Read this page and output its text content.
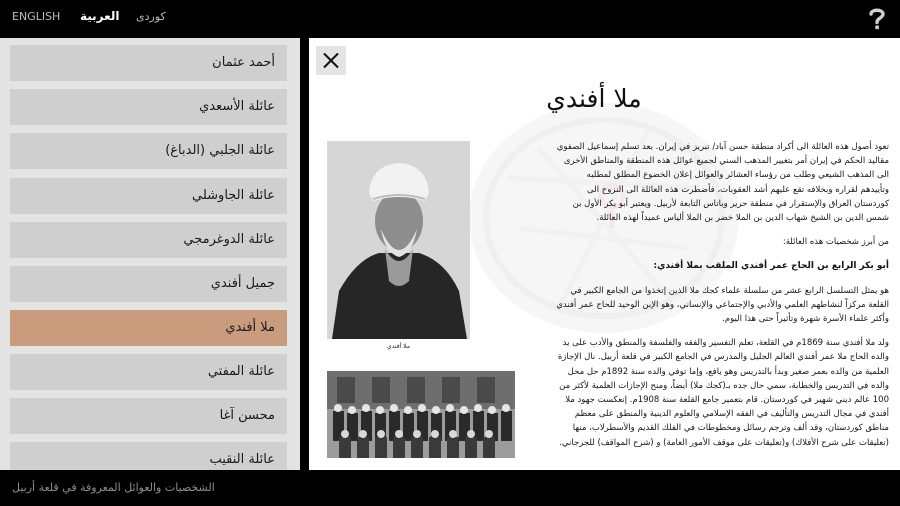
ENGLISH العربية كوردى
أحمد عثمان
عائلة الأسعدي
عائلة الجلبي (الدباغ)
عائلة الجاوشلي
عائلة الدوغرمجي
جميل أفندي
ملا أفندي
عائلة المفتي
محسن آغا
عائلة النقيب
ملا أفندي
ملا أفندي

تعود أصول هذه العائلة الى أكراد منطقة حسن آباد/ تبريز في إيران. بعد تسلم إسماعيل الصفوي مقاليد الحكم في إيران أمر بتغيير المذهب السني لجميع عوائل هذه المنطقة والمناطق الأخرى الى المذهب الشيعي وطلب من رؤساء العشائر والعوائل إعلان الخضوع المطلق لمطلبه وتأييدهم لقراره وبخلافه تقع عليهم أشد العقوبات، فأضطرت هذه العائلة الى النزوح الى كوردستان العراق والإستقرار في منطقة حرير وباتاس التابعة لأربيل. ويعتبر أبو بكر الأول بن شمس الدين بن الشيخ شهاب الدين بن الملا خضر بن الملا ألياس عميداً لهذه العائلة.

من أبرز شخصيات هذه العائلة:

أبو بكر الرابع بن الحاج عمر أفندي الملقب بملا أفندي:

هو يمثل التسلسل الرابع عشر من سلسلة علماء كجك ملا الذين إتخذوا من الجامع الكبير في القلعة مركزاً لنشاطهم العلمي والأدبي والإجتماعي والإنساني، وهو الإبن الوحيد للحاج عمر أفندي وأكثر علماء الأسرة شهرة وتأثيراً حتى هذا اليوم.

ولد ملا أفندي سنة 1869م في القلعة، تعلم التفسير والفقه والفلسفة والمنطق والأدب على يد والده الحاج ملا عمر أفندي العالم الجليل والمدرس في الجامع الكبير في قلعة أربيل. نال الإجازة العلمية من والده بعمر صغير وبدأ بالتدريس وهو يافع، وإما توفي والده سنة 1892م حل محل والده في التدريس والخطابة، سمي حال جده بـ(كجك ملا) أيضاً، ومنح الإجازات العلمية لأكثر من 100 عالم ديني شهير في كوردستان. قام بتعمير جامع القلعة سنة 1908م. إنعكست جهود ملا أفندي في مجال التدريس والتأليف في الفقه الإسلامي والعلوم الدينية والمنطق على معظم مناطق كوردستان، وقد ألف وترجم رسائل ومخطوطات في الفلك القديم والأسطرلاب، منها (تعليقات على شرح الأفلاك) و(تعليقات على موقف الأمور العامة) و (شرح المواقف) للجرجاني.

الشخصيات والعوائل المعروفة في قلعة أربيل
